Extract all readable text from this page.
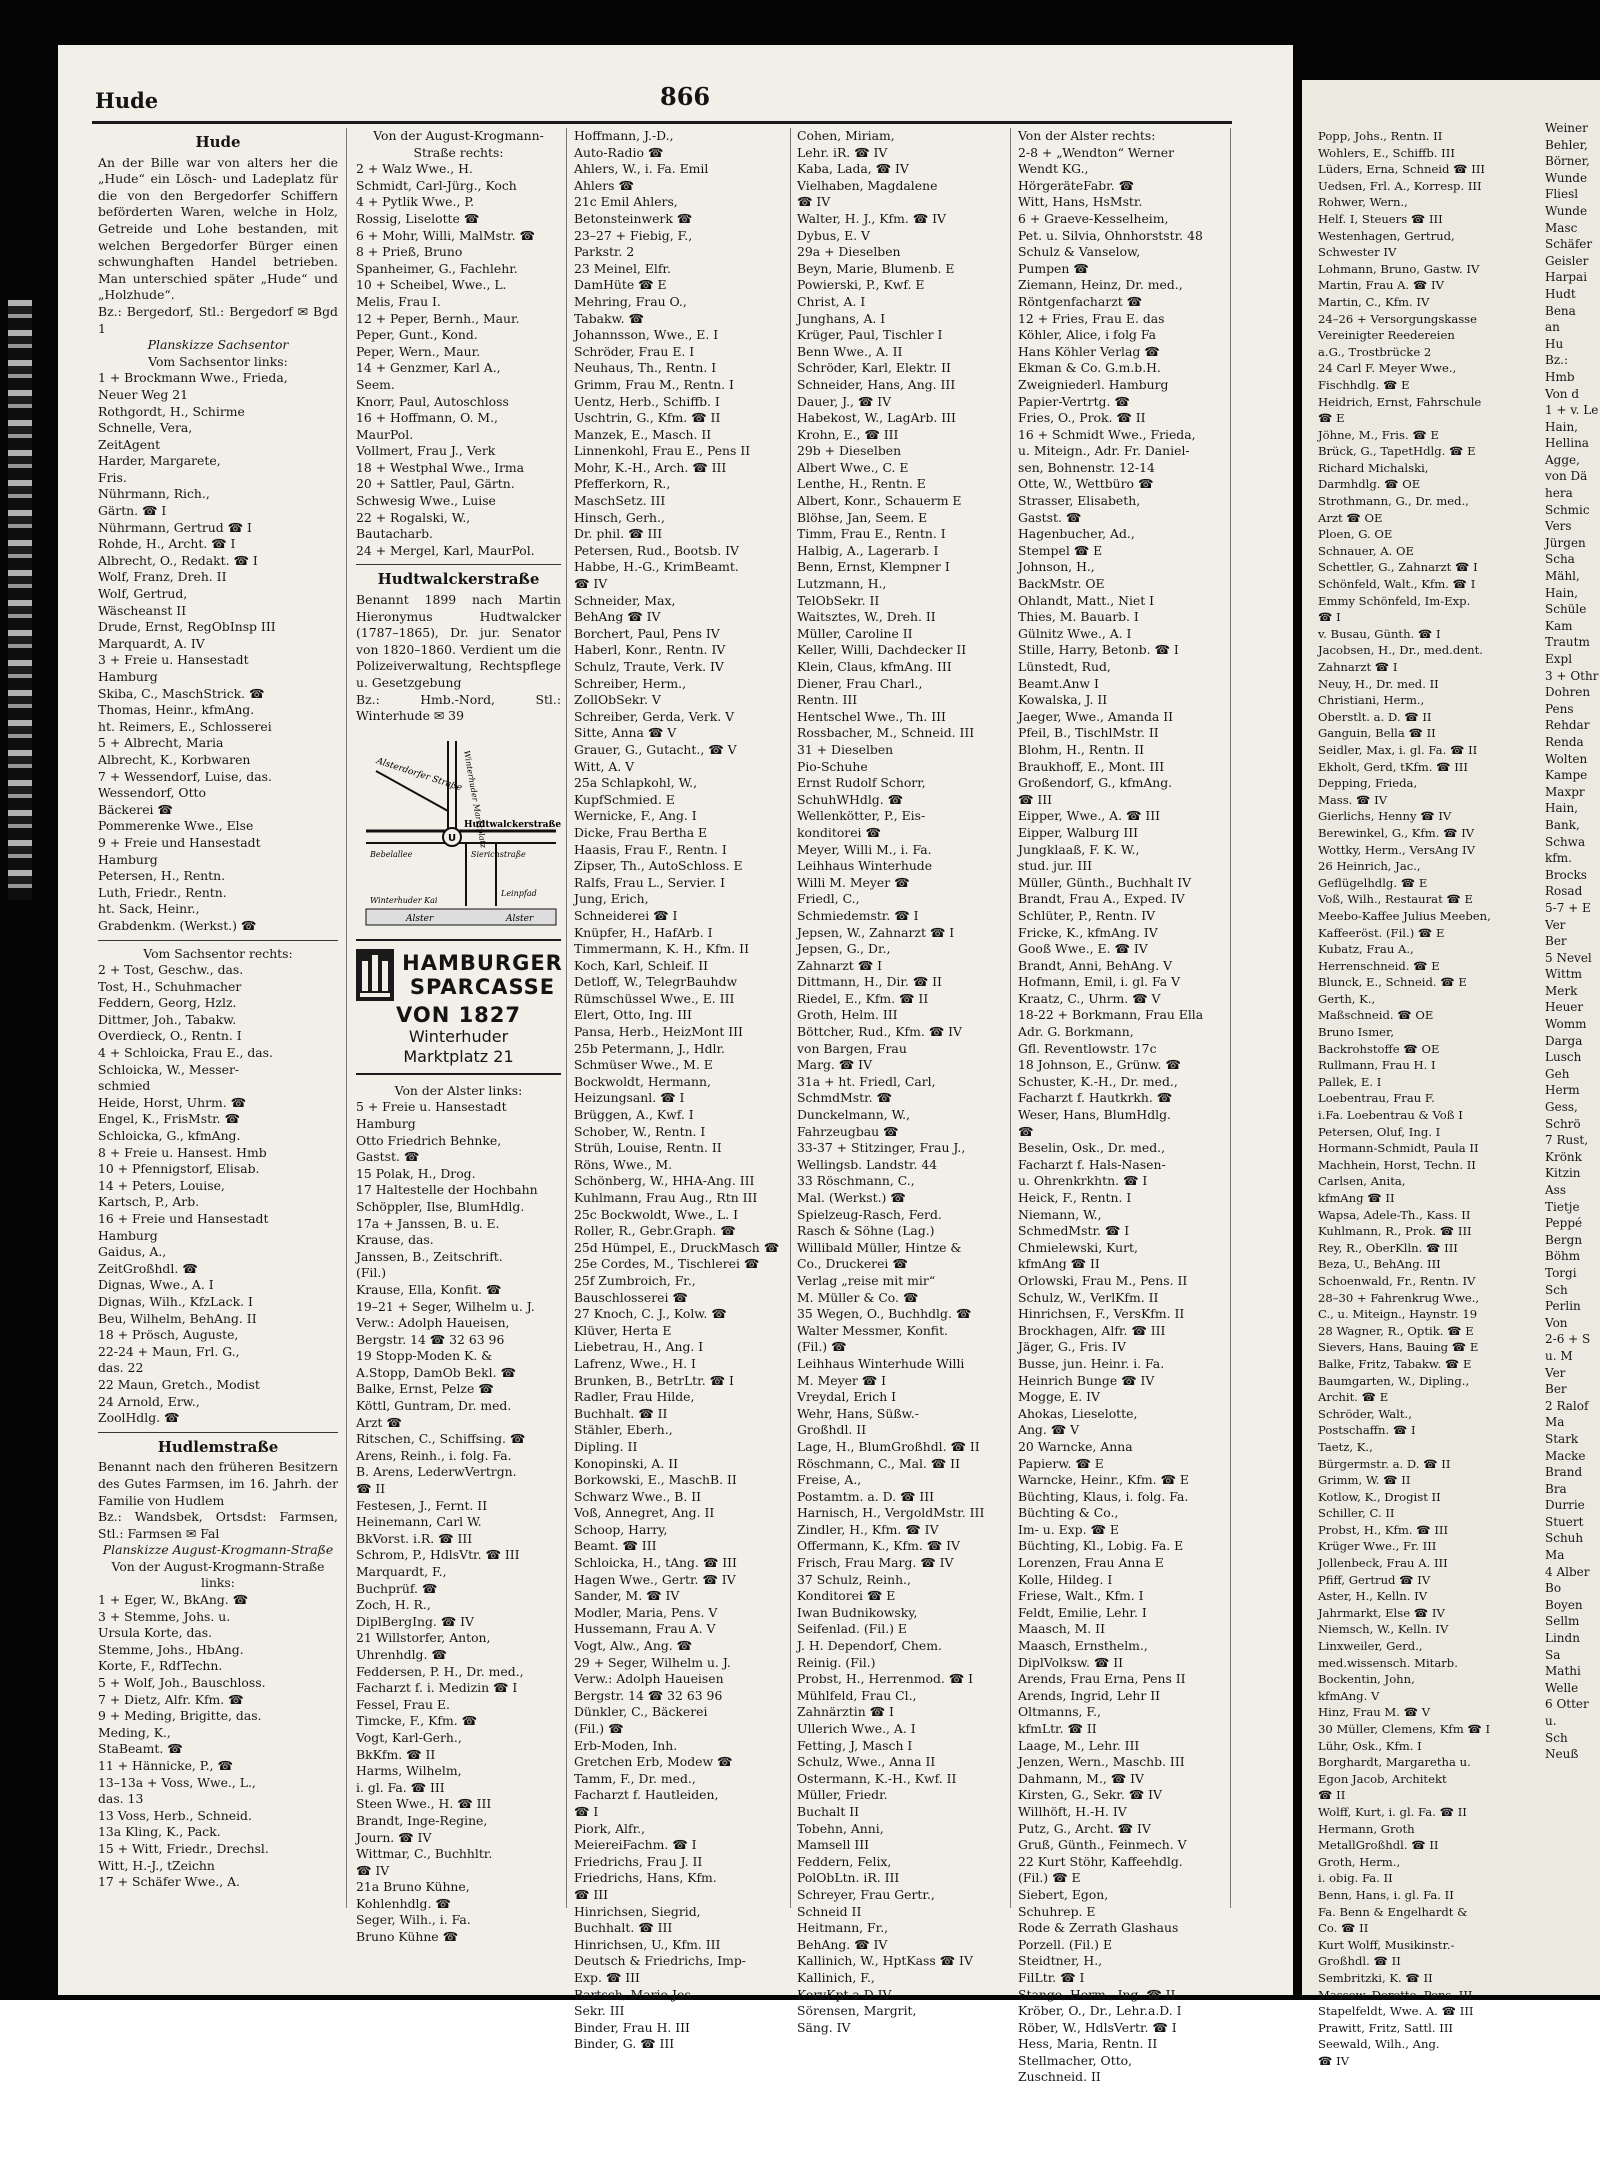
Hude	866
Hude
An der Bille war von alters her die „Hude“ ein Lösch- und Ladeplatz für die von den Bergedorfer Schiffern beförderten Waren, welche in Holz, Getreide und Lohe bestanden, mit welchen Bergedorfer Bürger einen schwunghaften Handel betrieben. Man unterschied später „Hude“ und „Holzhude“.
Bz.: Bergedorf, Stl.: Bergedorf ✉ Bgd 1
Planskizze Sachsentor
Vom Sachsentor links:
1 + Brockmann Wwe., Frieda,
Neuer Weg 21
Rothgordt, H., Schirme
Schnelle, Vera,
ZeitAgent
Harder, Margarete,
Fris.
Nührmann, Rich.,
Gärtn. ☎ I
Nührmann, Gertrud ☎ I
Rohde, H., Archt. ☎ I
Albrecht, O., Redakt. ☎ I
Wolf, Franz, Dreh. II
Wolf, Gertrud,
Wäscheanst II
Drude, Ernst, RegObInsp III
Marquardt, A. IV
3 + Freie u. Hansestadt
Hamburg
Skiba, C., MaschStrick. ☎
Thomas, Heinr., kfmAng.
ht. Reimers, E., Schlosserei
5 + Albrecht, Maria
Albrecht, K., Korbwaren
7 + Wessendorf, Luise, das.
Wessendorf, Otto
Bäckerei ☎
Pommerenke Wwe., Else
9 + Freie und Hansestadt
Hamburg
Petersen, H., Rentn.
Luth, Friedr., Rentn.
ht. Sack, Heinr.,
Grabdenkm. (Werkst.) ☎
Vom Sachsentor rechts:
2 + Tost, Geschw., das.
Tost, H., Schuhmacher
Feddern, Georg, Hzlz.
Dittmer, Joh., Tabakw.
Overdieck, O., Rentn. I
4 + Schloicka, Frau E., das.
Schloicka, W., Messer-
schmied
Heide, Horst, Uhrm. ☎
Engel, K., FrisMstr. ☎
Schloicka, G., kfmAng.
8 + Freie u. Hansest. Hmb
10 + Pfennigstorf, Elisab.
14 + Peters, Louise,
Kartsch, P., Arb.
16 + Freie und Hansestadt
Hamburg
Gaidus, A.,
ZeitGroßhdl. ☎
Dignas, Wwe., A. I
Dignas, Wilh., KfzLack. I
Beu, Wilhelm, BehAng. II
18 + Prösch, Auguste,
22-24 + Maun, Frl. G.,
das. 22
22 Maun, Gretch., Modist
24 Arnold, Erw.,
ZoolHdlg. ☎
Hudlemstraße
Benannt nach den früheren Besitzern des Gutes Farmsen, im 16. Jahrh. der Familie von Hudlem
Bz.: Wandsbek, Ortsdst: Farmsen, Stl.: Farmsen ✉ Fal
Planskizze August-Krogmann-Straße
Von der August-Krogmann-Straße links:
1 + Eger, W., BkAng. ☎
3 + Stemme, Johs. u.
Ursula Korte, das.
Stemme, Johs., HbAng.
Korte, F., RdfTechn.
5 + Wolf, Joh., Bauschloss.
7 + Dietz, Alfr. Kfm. ☎
9 + Meding, Brigitte, das.
Meding, K.,
StaBeamt. ☎
11 + Hännicke, P., ☎
13–13a + Voss, Wwe., L.,
das. 13
13 Voss, Herb., Schneid.
13a Kling, K., Pack.
15 + Witt, Friedr., Drechsl.
Witt, H.-J., tZeichn
17 + Schäfer Wwe., A.
Von der August-Krogmann-Straße rechts:
2 + Walz Wwe., H.
Schmidt, Carl-Jürg., Koch
4 + Pytlik Wwe., P.
Rossig, Liselotte ☎
6 + Mohr, Willi, MalMstr. ☎
8 + Prieß, Bruno
Spanheimer, G., Fachlehr.
10 + Scheibel, Wwe., L.
Melis, Frau I.
12 + Peper, Bernh., Maur.
Peper, Gunt., Kond.
Peper, Wern., Maur.
14 + Genzmer, Karl A.,
Seem.
Knorr, Paul, Autoschloss
16 + Hoffmann, O. M.,
MaurPol.
Vollmert, Frau J., Verk
18 + Westphal Wwe., Irma
20 + Sattler, Paul, Gärtn.
Schwesig Wwe., Luise
22 + Rogalski, W.,
Bautacharb.
24 + Mergel, Karl, MaurPol.
Hudtwalckerstraße
Benannt 1899 nach Martin Hieronymus Hudtwalcker (1787–1865), Dr. jur. Senator von 1820–1860. Verdient um die Polizeiverwaltung, Rechtspflege u. Gesetzgebung
Bz.: Hmb.-Nord, Stl.: Winterhude ✉ 39
U
Alsterdorfer Straße
Winterhuder Marktplatz
Hudtwalckerstraße
Bebelallee	Sierichstraße
Winterhuder Kai
Leinpfad
Alster	Alster
HAMBURGER
SPARCASSE
VON 1827
Winterhuder
Marktplatz 21
Von der Alster links:
5 + Freie u. Hansestadt
Hamburg
Otto Friedrich Behnke,
Gastst. ☎
15 Polak, H., Drog.
17 Haltestelle der Hochbahn
Schöppler, Ilse, BlumHdlg.
17a + Janssen, B. u. E.
Krause, das.
Janssen, B., Zeitschrift.
(Fil.)
Krause, Ella, Konfit. ☎
19–21 + Seger, Wilhelm u. J.
Verw.: Adolph Haueisen,
Bergstr. 14 ☎ 32 63 96
19 Stopp-Moden K. &
A.Stopp, DamOb Bekl. ☎
Balke, Ernst, Pelze ☎
Köttl, Guntram, Dr. med.
Arzt ☎
Ritschen, C., Schiffsing. ☎
Arens, Reinh., i. folg. Fa.
B. Arens, LederwVertrgn.
☎ II
Festesen, J., Fernt. II
Heinemann, Carl W.
BkVorst. i.R. ☎ III
Schrom, P., HdlsVtr. ☎ III
Marquardt, F.,
Buchprüf. ☎
Zoch, H. R.,
DiplBergIng. ☎ IV
21 Willstorfer, Anton,
Uhrenhdlg. ☎
Feddersen, P. H., Dr. med.,
Facharzt f. i. Medizin ☎ I
Fessel, Frau E.
Timcke, F., Kfm. ☎
Vogt, Karl-Gerh.,
BkKfm. ☎ II
Harms, Wilhelm,
i. gl. Fa. ☎ III
Steen Wwe., H. ☎ III
Brandt, Inge-Regine,
Journ. ☎ IV
Wittmar, C., Buchhltr.
☎ IV
21a Bruno Kühne,
Kohlenhdlg. ☎
Seger, Wilh., i. Fa.
Bruno Kühne ☎
Hoffmann, J.-D.,
Auto-Radio ☎
Ahlers, W., i. Fa. Emil
Ahlers ☎
21c Emil Ahlers,
Betonsteinwerk ☎
23–27 + Fiebig, F.,
Parkstr. 2
23 Meinel, Elfr.
DamHüte ☎ E
Mehring, Frau O.,
Tabakw. ☎
Johannsson, Wwe., E. I
Schröder, Frau E. I
Neuhaus, Th., Rentn. I
Grimm, Frau M., Rentn. I
Uentz, Herb., Schiffb. I
Uschtrin, G., Kfm. ☎ II
Manzek, E., Masch. II
Linnenkohl, Frau E., Pens II
Mohr, K.-H., Arch. ☎ III
Pfefferkorn, R.,
MaschSetz. III
Hinsch, Gerh.,
Dr. phil. ☎ III
Petersen, Rud., Bootsb. IV
Habbe, H.-G., KrimBeamt.
☎ IV
Schneider, Max,
BehAng ☎ IV
Borchert, Paul, Pens IV
Haberl, Konr., Rentn. IV
Schulz, Traute, Verk. IV
Schreiber, Herm.,
ZollObSekr. V
Schreiber, Gerda, Verk. V
Sitte, Anna ☎ V
Grauer, G., Gutacht., ☎ V
Witt, A. V
25a Schlapkohl, W.,
KupfSchmied. E
Wernicke, F., Ang. I
Dicke, Frau Bertha E
Haasis, Frau F., Rentn. I
Zipser, Th., AutoSchloss. E
Ralfs, Frau L., Servier. I
Jung, Erich,
Schneiderei ☎ I
Knüpfer, H., HafArb. I
Timmermann, K. H., Kfm. II
Koch, Karl, Schleif. II
Detloff, W., TelegrBauhdw
Rümschüssel Wwe., E. III
Elert, Otto, Ing. III
Pansa, Herb., HeizMont III
25b Petermann, J., Hdlr.
Schmüser Wwe., M. E
Bockwoldt, Hermann,
Heizungsanl. ☎ I
Brüggen, A., Kwf. I
Schober, W., Rentn. I
Strüh, Louise, Rentn. II
Röns, Wwe., M.
Schönberg, W., HHA-Ang. III
Kuhlmann, Frau Aug., Rtn III
25c Bockwoldt, Wwe., L. I
Roller, R., Gebr.Graph. ☎
25d Hümpel, E., DruckMasch ☎
25e Cordes, M., Tischlerei ☎
25f Zumbroich, Fr.,
Bauschlosserei ☎
27 Knoch, C. J., Kolw. ☎
Klüver, Herta E
Liebetrau, H., Ang. I
Lafrenz, Wwe., H. I
Brunken, B., BetrLtr. ☎ I
Radler, Frau Hilde,
Buchhalt. ☎ II
Stähler, Eberh.,
Dipling. II
Konopinski, A. II
Borkowski, E., MaschB. II
Schwarz Wwe., B. II
Voß, Annegret, Ang. II
Schoop, Harry,
Beamt. ☎ III
Schloicka, H., tAng. ☎ III
Hagen Wwe., Gertr. ☎ IV
Sander, M. ☎ IV
Modler, Maria, Pens. V
Hussemann, Frau A. V
Vogt, Alw., Ang. ☎
29 + Seger, Wilhelm u. J.
Verw.: Adolph Haueisen
Bergstr. 14 ☎ 32 63 96
Dünkler, C., Bäckerei
(Fil.) ☎
Erb-Moden, Inh.
Gretchen Erb, Modew ☎
Tamm, F., Dr. med.,
Facharzt f. Hautleiden,
☎ I
Piork, Alfr.,
MeiereiFachm. ☎ I
Friedrichs, Frau J. II
Friedrichs, Hans, Kfm.
☎ III
Hinrichsen, Siegrid,
Buchhalt. ☎ III
Hinrichsen, U., Kfm. III
Deutsch & Friedrichs, Imp-
Exp. ☎ III
Bartsch, Marie-Jos.
Sekr. III
Binder, Frau H. III
Binder, G. ☎ III
Cohen, Miriam,
Lehr. iR. ☎ IV
Kaba, Lada, ☎ IV
Vielhaben, Magdalene
☎ IV
Walter, H. J., Kfm. ☎ IV
Dybus, E. V
29a + Dieselben
Beyn, Marie, Blumenb. E
Powierski, P., Kwf. E
Christ, A. I
Junghans, A. I
Krüger, Paul, Tischler I
Benn Wwe., A. II
Schröder, Karl, Elektr. II
Schneider, Hans, Ang. III
Dauer, J., ☎ IV
Habekost, W., LagArb. III
Krohn, E., ☎ III
29b + Dieselben
Albert Wwe., C. E
Lenthe, H., Rentn. E
Albert, Konr., Schauerm E
Blöhse, Jan, Seem. E
Timm, Frau E., Rentn. I
Halbig, A., Lagerarb. I
Benn, Ernst, Klempner I
Lutzmann, H.,
TelObSekr. II
Waitsztes, W., Dreh. II
Müller, Caroline II
Keller, Willi, Dachdecker II
Klein, Claus, kfmAng. III
Diener, Frau Charl.,
Rentn. III
Hentschel Wwe., Th. III
Rossbacher, M., Schneid. III
31 + Dieselben
Pio-Schuhe
Ernst Rudolf Schorr,
SchuhWHdlg. ☎
Wellenkötter, P., Eis-
konditorei ☎
Meyer, Willi M., i. Fa.
Leihhaus Winterhude
Willi M. Meyer ☎
Friedl, C.,
Schmiedemstr. ☎ I
Jepsen, W., Zahnarzt ☎ I
Jepsen, G., Dr.,
Zahnarzt ☎ I
Dittmann, H., Dir. ☎ II
Riedel, E., Kfm. ☎ II
Groth, Helm. III
Böttcher, Rud., Kfm. ☎ IV
von Bargen, Frau
Marg. ☎ IV
31a + ht. Friedl, Carl,
SchmdMstr. ☎
Dunckelmann, W.,
Fahrzeugbau ☎
33-37 + Stitzinger, Frau J.,
Wellingsb. Landstr. 44
33 Röschmann, C.,
Mal. (Werkst.) ☎
Spielzeug-Rasch, Ferd.
Rasch & Söhne (Lag.)
Willibald Müller, Hintze &
Co., Druckerei ☎
Verlag „reise mit mir“
M. Müller & Co. ☎
35 Wegen, O., Buchhdlg. ☎
Walter Messmer, Konfit.
(Fil.) ☎
Leihhaus Winterhude Willi
M. Meyer ☎ I
Vreydal, Erich I
Wehr, Hans, Süßw.-
Großhdl. II
Lage, H., BlumGroßhdl. ☎ II
Röschmann, C., Mal. ☎ II
Freise, A.,
Postamtm. a. D. ☎ III
Harnisch, H., VergoldMstr. III
Zindler, H., Kfm. ☎ IV
Offermann, K., Kfm. ☎ IV
Frisch, Frau Marg. ☎ IV
37 Schulz, Reinh.,
Konditorei ☎ E
Iwan Budnikowsky,
Seifenlad. (Fil.) E
J. H. Dependorf, Chem.
Reinig. (Fil.)
Probst, H., Herrenmod. ☎ I
Mühlfeld, Frau Cl.,
Zahnärztin ☎ I
Ullerich Wwe., A. I
Fetting, J, Masch I
Schulz, Wwe., Anna II
Ostermann, K.-H., Kwf. II
Müller, Friedr.
Buchalt II
Tobehn, Anni,
Mamsell III
Feddern, Felix,
PolObLtn. iR. III
Schreyer, Frau Gertr.,
Schneid II
Heitmann, Fr.,
BehAng. ☎ IV
Kallinich, W., HptKass ☎ IV
Kallinich, F.,
KorvKpt a D IV
Sörensen, Margrit,
Säng. IV
Von der Alster rechts:
2-8 + „Wendton“ Werner
Wendt KG.,
HörgeräteFabr. ☎
Witt, Hans, HsMstr.
6 + Graeve-Kesselheim,
Pet. u. Silvia, Ohnhorststr. 48
Schulz & Vanselow,
Pumpen ☎
Ziemann, Heinz, Dr. med.,
Röntgenfacharzt ☎
12 + Fries, Frau E. das
Köhler, Alice, i folg Fa
Hans Köhler Verlag ☎
Ekman & Co. G.m.b.H.
Zweigniederl. Hamburg
Papier-Vertrtg. ☎
Fries, O., Prok. ☎ II
16 + Schmidt Wwe., Frieda,
u. Miteign., Adr. Fr. Daniel-
sen, Bohnenstr. 12-14
Otte, W., Wettbüro ☎
Strasser, Elisabeth,
Gastst. ☎
Hagenbucher, Ad.,
Stempel ☎ E
Johnson, H.,
BackMstr. OE
Ohlandt, Matt., Niet I
Thies, M. Bauarb. I
Gülnitz Wwe., A. I
Stille, Harry, Betonb. ☎ I
Lünstedt, Rud,
Beamt.Anw I
Kowalska, J. II
Jaeger, Wwe., Amanda II
Pfeil, B., TischlMstr. II
Blohm, H., Rentn. II
Braukhoff, E., Mont. III
Großendorf, G., kfmAng.
☎ III
Eipper, Wwe., A. ☎ III
Eipper, Walburg III
Jungklaaß, F. K. W.,
stud. jur. III
Müller, Günth., Buchhalt IV
Brandt, Frau A., Exped. IV
Schlüter, P., Rentn. IV
Fricke, K., kfmAng. IV
Gooß Wwe., E. ☎ IV
Brandt, Anni, BehAng. V
Hofmann, Emil, i. gl. Fa V
Kraatz, C., Uhrm. ☎ V
18-22 + Borkmann, Frau Ella
Adr. G. Borkmann,
Gfl. Reventlowstr. 17c
18 Johnson, E., Grünw. ☎
Schuster, K.-H., Dr. med.,
Facharzt f. Hautkrkh. ☎
Weser, Hans, BlumHdlg.
☎
Beselin, Osk., Dr. med.,
Facharzt f. Hals-Nasen-
u. Ohrenkrkhtn. ☎ I
Heick, F., Rentn. I
Niemann, W.,
SchmedMstr. ☎ I
Chmielewski, Kurt,
kfmAng ☎ II
Orlowski, Frau M., Pens. II
Schulz, W., VerlKfm. II
Hinrichsen, F., VersKfm. II
Brockhagen, Alfr. ☎ III
Jäger, G., Fris. IV
Busse, jun. Heinr. i. Fa.
Heinrich Bunge ☎ IV
Mogge, E. IV
Ahokas, Lieselotte,
Ang. ☎ V
20 Warncke, Anna
Papierw. ☎ E
Warncke, Heinr., Kfm. ☎ E
Büchting, Klaus, i. folg. Fa.
Büchting & Co.,
Im- u. Exp. ☎ E
Büchting, Kl., Lobig. Fa. E
Lorenzen, Frau Anna E
Kolle, Hildeg. I
Friese, Walt., Kfm. I
Feldt, Emilie, Lehr. I
Maasch, M. II
Maasch, Ernsthelm.,
DiplVolksw. ☎ II
Arends, Frau Erna, Pens II
Arends, Ingrid, Lehr II
Oltmanns, F.,
kfmLtr. ☎ II
Laage, M., Lehr. III
Jenzen, Wern., Maschb. III
Dahmann, M., ☎ IV
Kirsten, G., Sekr. ☎ IV
Willhöft, H.-H. IV
Putz, G., Archt. ☎ IV
Gruß, Günth., Feinmech. V
22 Kurt Stöhr, Kaffeehdlg.
(Fil.) ☎ E
Siebert, Egon,
Schuhrep. E
Rode & Zerrath Glashaus
Porzell. (Fil.) E
Steidtner, H.,
FilLtr. ☎ I
Stange, Herm., Ing. ☎ II
Kröber, O., Dr., Lehr.a.D. I
Röber, W., HdlsVertr. ☎ I
Hess, Maria, Rentn. II
Stellmacher, Otto,
Zuschneid. II
Popp, Johs., Rentn. II
Wohlers, E., Schiffb. III
Lüders, Erna, Schneid ☎ III
Uedsen, Frl. A., Korresp. III
Rohwer, Wern.,
Helf. I, Steuers ☎ III
Westenhagen, Gertrud,
Schwester IV
Lohmann, Bruno, Gastw. IV
Martin, Frau A. ☎ IV
Martin, C., Kfm. IV
24–26 + Versorgungskasse
Vereinigter Reedereien
a.G., Trostbrücke 2
24 Carl F. Meyer Wwe.,
Fischhdlg. ☎ E
Heidrich, Ernst, Fahrschule
☎ E
Jöhne, M., Fris. ☎ E
Brück, G., TapetHdlg. ☎ E
Richard Michalski,
Darmhdlg. ☎ OE
Strothmann, G., Dr. med.,
Arzt ☎ OE
Ploen, G. OE
Schnauer, A. OE
Schettler, G., Zahnarzt ☎ I
Schönfeld, Walt., Kfm. ☎ I
Emmy Schönfeld, Im-Exp.
☎ I
v. Busau, Günth. ☎ I
Jacobsen, H., Dr., med.dent.
Zahnarzt ☎ I
Neuy, H., Dr. med. II
Christiani, Herm.,
Oberstlt. a. D. ☎ II
Ganguin, Bella ☎ II
Seidler, Max, i. gl. Fa. ☎ II
Ekholt, Gerd, tKfm. ☎ III
Depping, Frieda,
Mass. ☎ IV
Gierlichs, Henny ☎ IV
Berewinkel, G., Kfm. ☎ IV
Wottky, Herm., VersAng IV
26 Heinrich, Jac.,
Geflügelhdlg. ☎ E
Voß, Wilh., Restaurat ☎ E
Meebo-Kaffee Julius Meeben,
Kaffeeröst. (Fil.) ☎ E
Kubatz, Frau A.,
Herrenschneid. ☎ E
Blunck, E., Schneid. ☎ E
Gerth, K.,
Maßschneid. ☎ OE
Bruno Ismer,
Backrohstoffe ☎ OE
Rullmann, Frau H. I
Pallek, E. I
Loebentrau, Frau F.
i.Fa. Loebentrau & Voß I
Petersen, Oluf, Ing. I
Hormann-Schmidt, Paula II
Machhein, Horst, Techn. II
Carlsen, Anita,
kfmAng ☎ II
Wapsa, Adele-Th., Kass. II
Kuhlmann, R., Prok. ☎ III
Rey, R., OberKlln. ☎ III
Beza, U., BehAng. III
Schoenwald, Fr., Rentn. IV
28–30 + Fahrenkrug Wwe.,
C., u. Miteign., Haynstr. 19
28 Wagner, R., Optik. ☎ E
Sievers, Hans, Bauing ☎ E
Balke, Fritz, Tabakw. ☎ E
Baumgarten, W., Dipling.,
Archit. ☎ E
Schröder, Walt.,
Postschaffn. ☎ I
Taetz, K.,
Bürgermstr. a. D. ☎ II
Grimm, W. ☎ II
Kotlow, K., Drogist II
Schiller, C. II
Probst, H., Kfm. ☎ III
Krüger Wwe., Fr. III
Jollenbeck, Frau A. III
Pfiff, Gertrud ☎ IV
Aster, H., Kelln. IV
Jahrmarkt, Else ☎ IV
Niemsch, W., Kelln. IV
Linxweiler, Gerd.,
med.wissensch. Mitarb.
Bockentin, John,
kfmAng. V
Hinz, Frau M. ☎ V
30 Müller, Clemens, Kfm ☎ I
Lühr, Osk., Kfm. I
Borghardt, Margaretha u.
Egon Jacob, Architekt
☎ II
Wolff, Kurt, i. gl. Fa. ☎ II
Hermann, Groth
MetallGroßhdl. ☎ II
Groth, Herm.,
i. obig. Fa. II
Benn, Hans, i. gl. Fa. II
Fa. Benn & Engelhardt &
Co. ☎ II
Kurt Wolff, Musikinstr.-
Großhdl. ☎ II
Sembritzki, K. ☎ II
Massow, Dorette, Pens. III
Stapelfeldt, Wwe. A. ☎ III
Prawitt, Fritz, Sattl. III
Seewald, Wilh., Ang.
☎ IV
Weiner
Behler,
Börner,
Wunde
Fliesl
Wunde
Masc
Schäfer
Geisler
Harpai
Hudt
Bena
an
Hu
Bz.: Hmb
Von d
1 + v. Le
Hain,
Hellina
Agge,
von Dä
hera
Schmic
Vers
Jürgen
Scha
Mähl,
Hain,
Schüle
Kam
Trautm
Expl
3 + Othr
Dohren
Pens
Rehdar
Renda
Wolten
Kampe
Maxpr
Hain,
Bank,
Schwa
kfm.
Brocks
Rosad
5-7 + E
Ver
Ber
5 Nevel
Wittm
Merk
Heuer
Womm
Darga
Lusch
Geh
Herm
Gess,
Schrö
7 Rust,
Krönk
Kitzin
Ass
Tietje
Peppé
Bergn
Böhm
Torgi
Sch
Perlin
Von
2-6 + S
u. M
Ver
Ber
2 Ralof
Ma
Stark
Macke
Brand
Bra
Durrie
Stuert
Schuh
Ma
4 Alber
Bo
Boyen
Sellm
Lindn
Sa
Mathi
Welle
6 Otter
u.
Sch
Neuß
